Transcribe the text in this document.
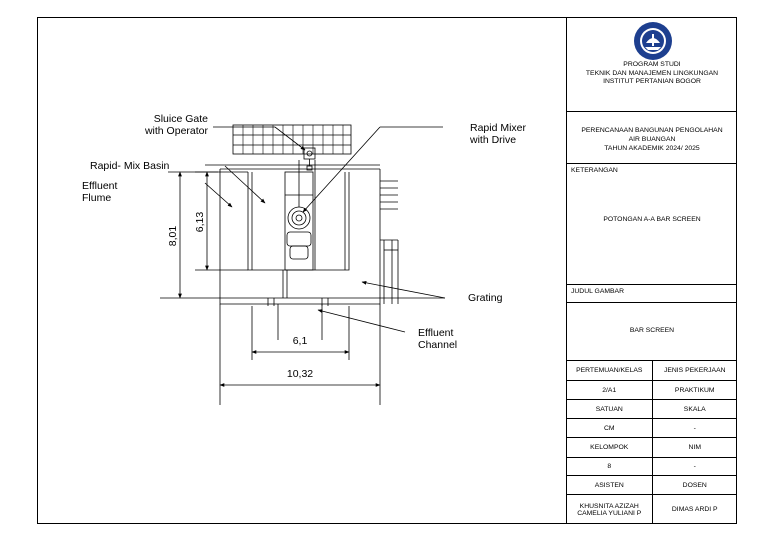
Sluice Gate
with Operator	Rapid Mixer
with Drive
Rapid- Mix Basin
Effluent
Flume
Grating
Effluent
Channel
8,01
6,13
6,1
10,32
PROGRAM STUDI
TEKNIK DAN MANAJEMEN LINGKUNGAN
INSTITUT PERTANIAN BOGOR
PERENCANAAN BANGUNAN PENGOLAHAN
AIR BUANGAN
TAHUN AKADEMIK 2024/ 2025
KETERANGAN
POTONGAN A-A BAR SCREEN
JUDUL GAMBAR
BAR SCREEN
PERTEMUAN/KELAS	JENIS PEKERJAAN
2/A1	PRAKTIKUM
SATUAN	SKALA
CM	-
KELOMPOK	NIM
8	-
ASISTEN	DOSEN
KHUSNITA AZIZAH
CAMELIA YULIANI P	DIMAS ARDI P
